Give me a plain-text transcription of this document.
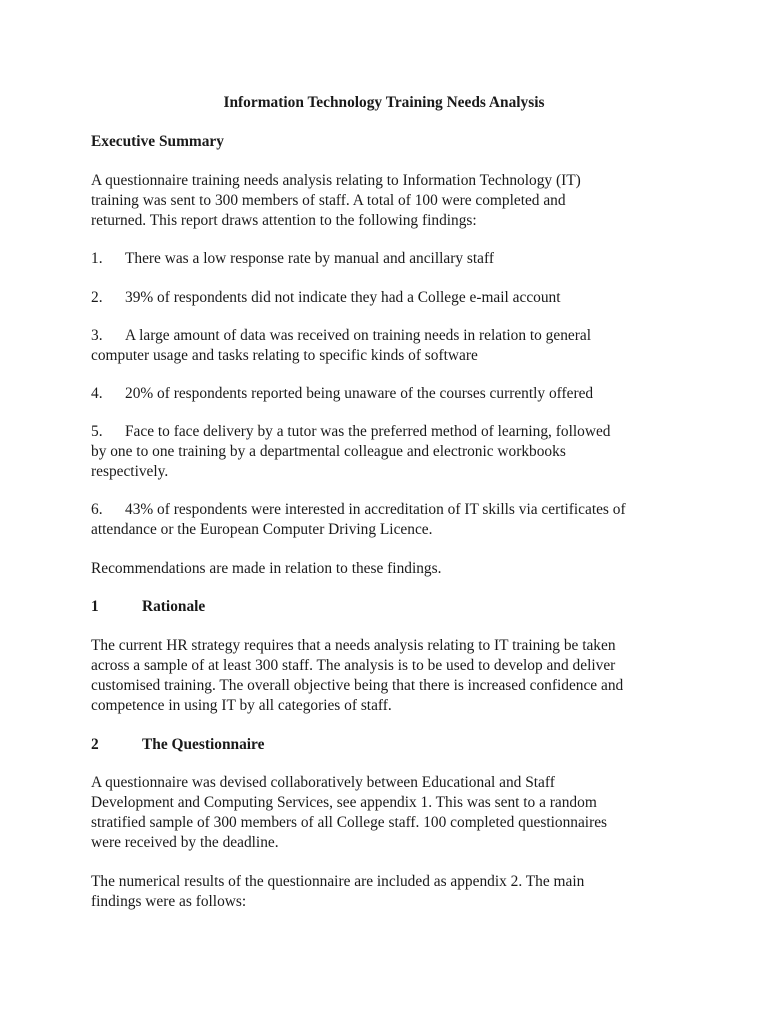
Information Technology Training Needs Analysis

Executive Summary

A questionnaire training needs analysis relating to Information Technology (IT)
training was sent to 300 members of staff. A total of 100 were completed and
returned. This report draws attention to the following findings:
1. There was a low response rate by manual and ancillary staff
2. 39% of respondents did not indicate they had a College e-mail account
3. A large amount of data was received on training needs in relation to general
computer usage and tasks relating to specific kinds of software
4. 20% of respondents reported being unaware of the courses currently offered
5. Face to face delivery by a tutor was the preferred method of learning, followed
by one to one training by a departmental colleague and electronic workbooks
respectively.
6. 43% of respondents were interested in accreditation of IT skills via certificates of
attendance or the European Computer Driving Licence.

Recommendations are made in relation to these findings.

1	Rationale
The current HR strategy requires that a needs analysis relating to IT training be taken
across a sample of at least 300 staff. The analysis is to be used to develop and deliver
customised training. The overall objective being that there is increased confidence and
competence in using IT by all categories of staff.
2	The Questionnaire
A questionnaire was devised collaboratively between Educational and Staff
Development and Computing Services, see appendix 1. This was sent to a random
stratified sample of 300 members of all College staff. 100 completed questionnaires
were received by the deadline.
The numerical results of the questionnaire are included as appendix 2. The main
findings were as follows:
